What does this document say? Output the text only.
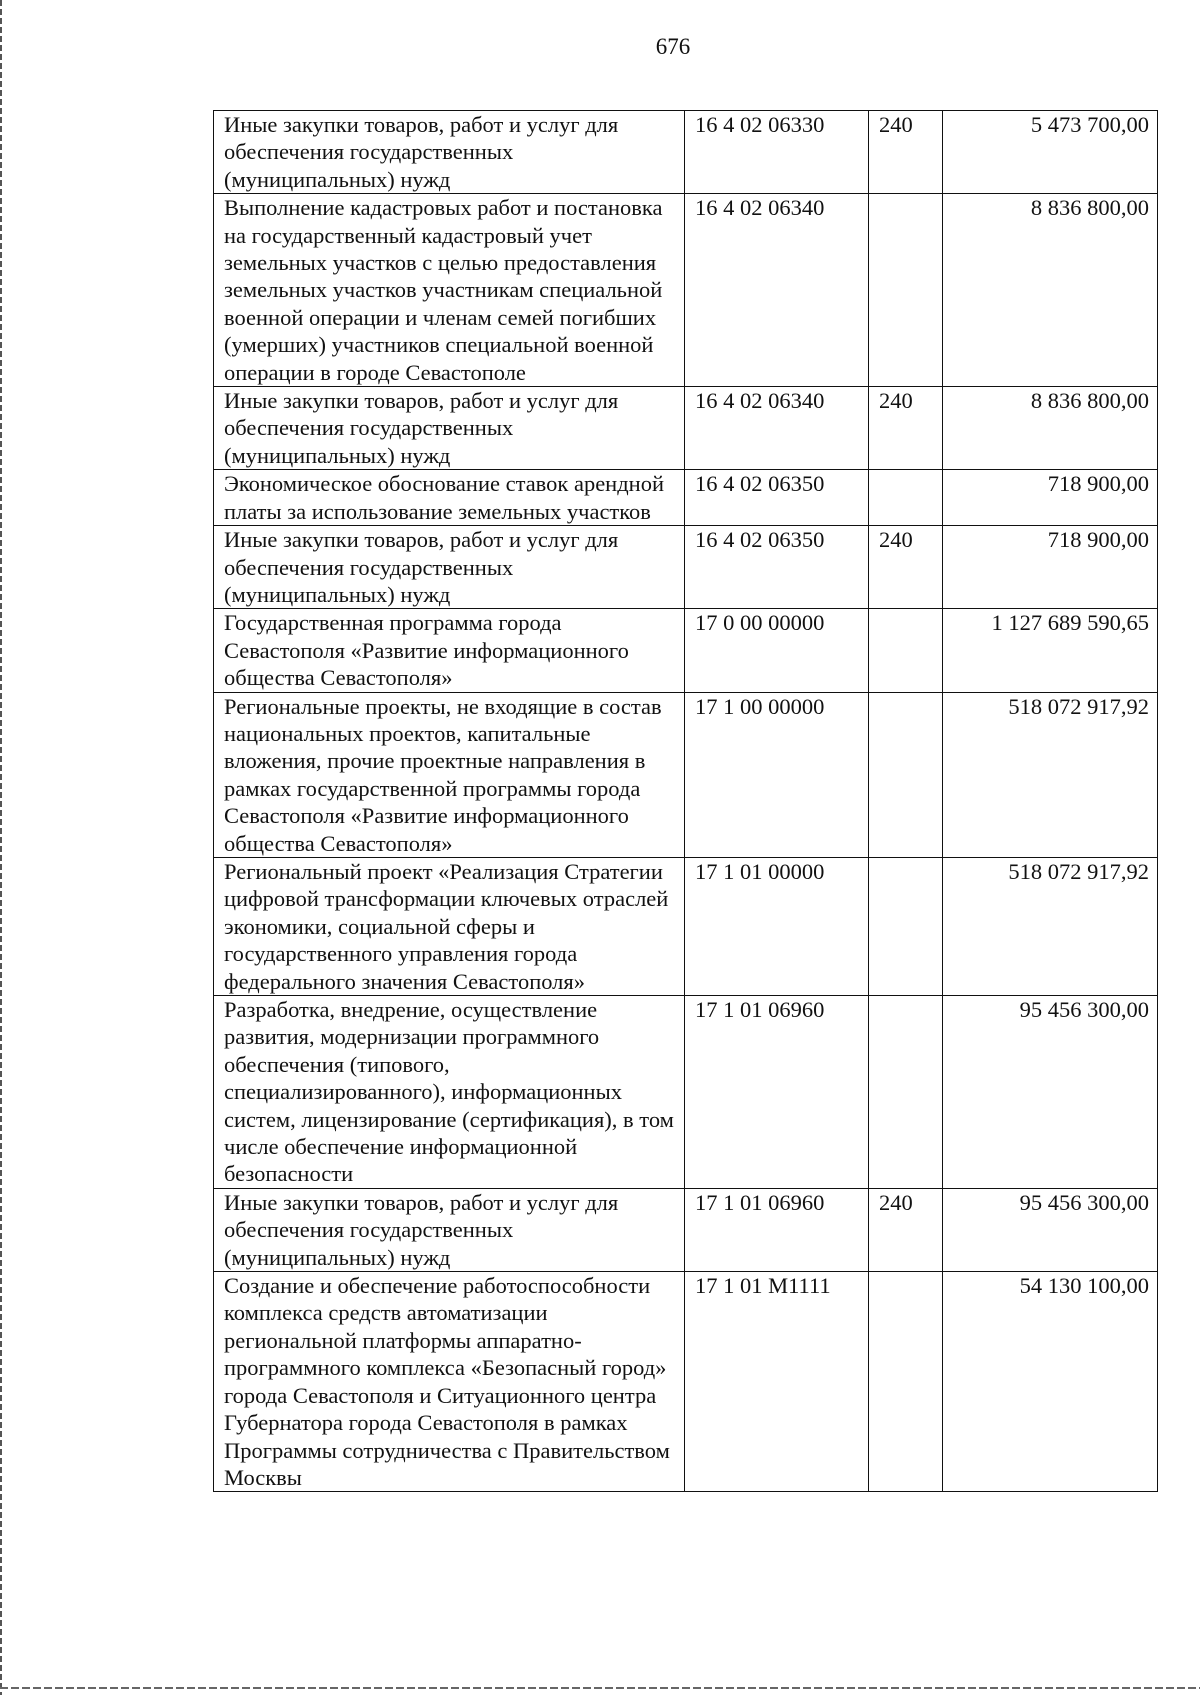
676
Иные закупки товаров, работ и услуг для обеспечения государственных (муниципальных) нужд	16 4 02 06330	240	5 473 700,00
Выполнение кадастровых работ и постановка на государственный кадастровый учет земельных участков с целью предоставления земельных участков участникам специальной военной операции и членам семей погибших (умерших) участников специальной военной операции в городе Севастополе	16 4 02 06340		8 836 800,00
Иные закупки товаров, работ и услуг для обеспечения государственных (муниципальных) нужд	16 4 02 06340	240	8 836 800,00
Экономическое обоснование ставок арендной платы за использование земельных участков	16 4 02 06350		718 900,00
Иные закупки товаров, работ и услуг для обеспечения государственных (муниципальных) нужд	16 4 02 06350	240	718 900,00
Государственная программа города Севастополя «Развитие информационного общества Севастополя»	17 0 00 00000		1 127 689 590,65
Региональные проекты, не входящие в состав национальных проектов, капитальные вложения, прочие проектные направления в рамках государственной программы города Севастополя «Развитие информационного общества Севастополя»	17 1 00 00000		518 072 917,92
Региональный проект «Реализация Стратегии цифровой трансформации ключевых отраслей экономики, социальной сферы и государственного управления города федерального значения Севастополя»	17 1 01 00000		518 072 917,92
Разработка, внедрение, осуществление развития, модернизации программного обеспечения (типового, специализированного), информационных систем, лицензирование (сертификация), в том числе обеспечение информационной безопасности	17 1 01 06960		95 456 300,00
Иные закупки товаров, работ и услуг для обеспечения государственных (муниципальных) нужд	17 1 01 06960	240	95 456 300,00
Создание и обеспечение работоспособности комплекса средств автоматизации региональной платформы аппаратно-программного комплекса «Безопасный город» города Севастополя и Ситуационного центра Губернатора города Севастополя в рамках Программы сотрудничества с Правительством Москвы	17 1 01 М1111		54 130 100,00
